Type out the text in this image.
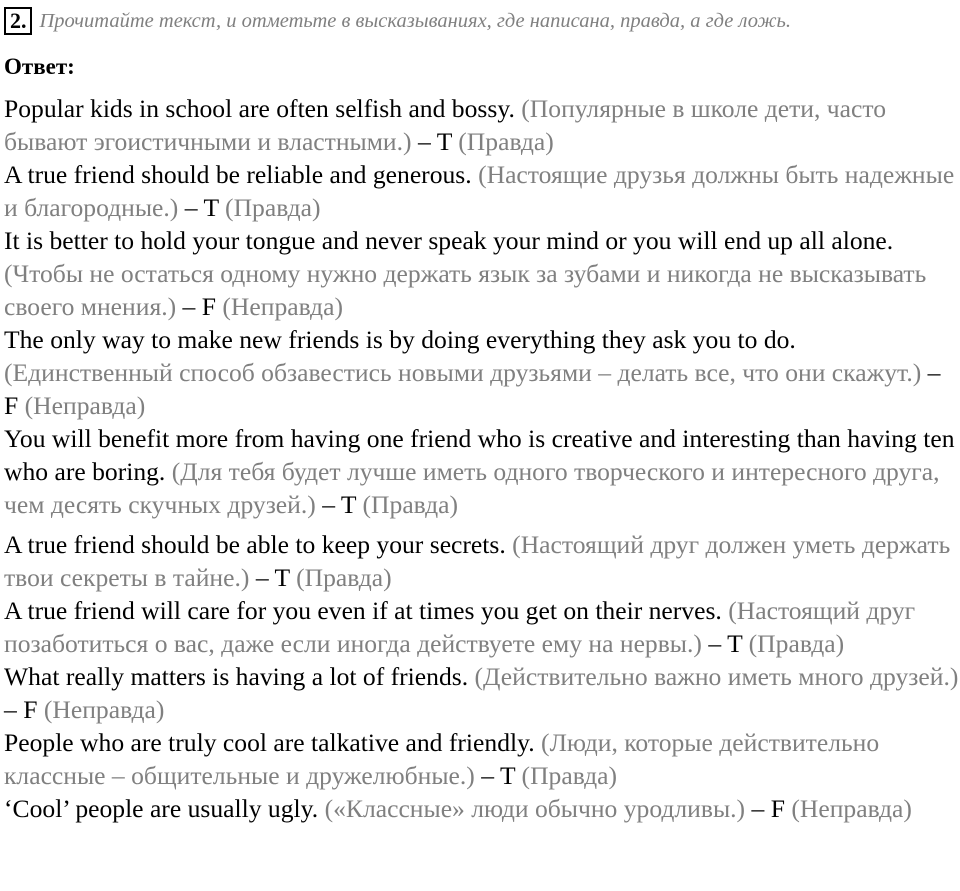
2. Прочитайте текст, и отметьте в высказываниях, где написана, правда, а где ложь.
Ответ:

Popular kids in school are often selfish and bossy. (Популярные в школе дети, часто бывают эгоистичными и властными.) – T (Правда)

A true friend should be reliable and generous. (Настоящие друзья должны быть надежные и благородные.) – T (Правда)

It is better to hold your tongue and never speak your mind or you will end up all alone. (Чтобы не остаться одному нужно держать язык за зубами и никогда не высказывать своего мнения.) – F (Неправда)

The only way to make new friends is by doing everything they ask you to do. (Единственный способ обзавестись новыми друзьями – делать все, что они скажут.) – F (Неправда)

You will benefit more from having one friend who is creative and interesting than having ten who are boring. (Для тебя будет лучше иметь одного творческого и интересного друга, чем десять скучных друзей.) – T (Правда)

A true friend should be able to keep your secrets. (Настоящий друг должен уметь держать твои секреты в тайне.) – T (Правда)

A true friend will care for you even if at times you get on their nerves. (Настоящий друг позаботиться о вас, даже если иногда действуете ему на нервы.) – T (Правда)

What really matters is having a lot of friends. (Действительно важно иметь много друзей.) – F (Неправда)

People who are truly cool are talkative and friendly. (Люди, которые действительно классные – общительные и дружелюбные.) – T (Правда)

‘Cool’ people are usually ugly. («Классные» люди обычно уродливы.) – F (Неправда)
